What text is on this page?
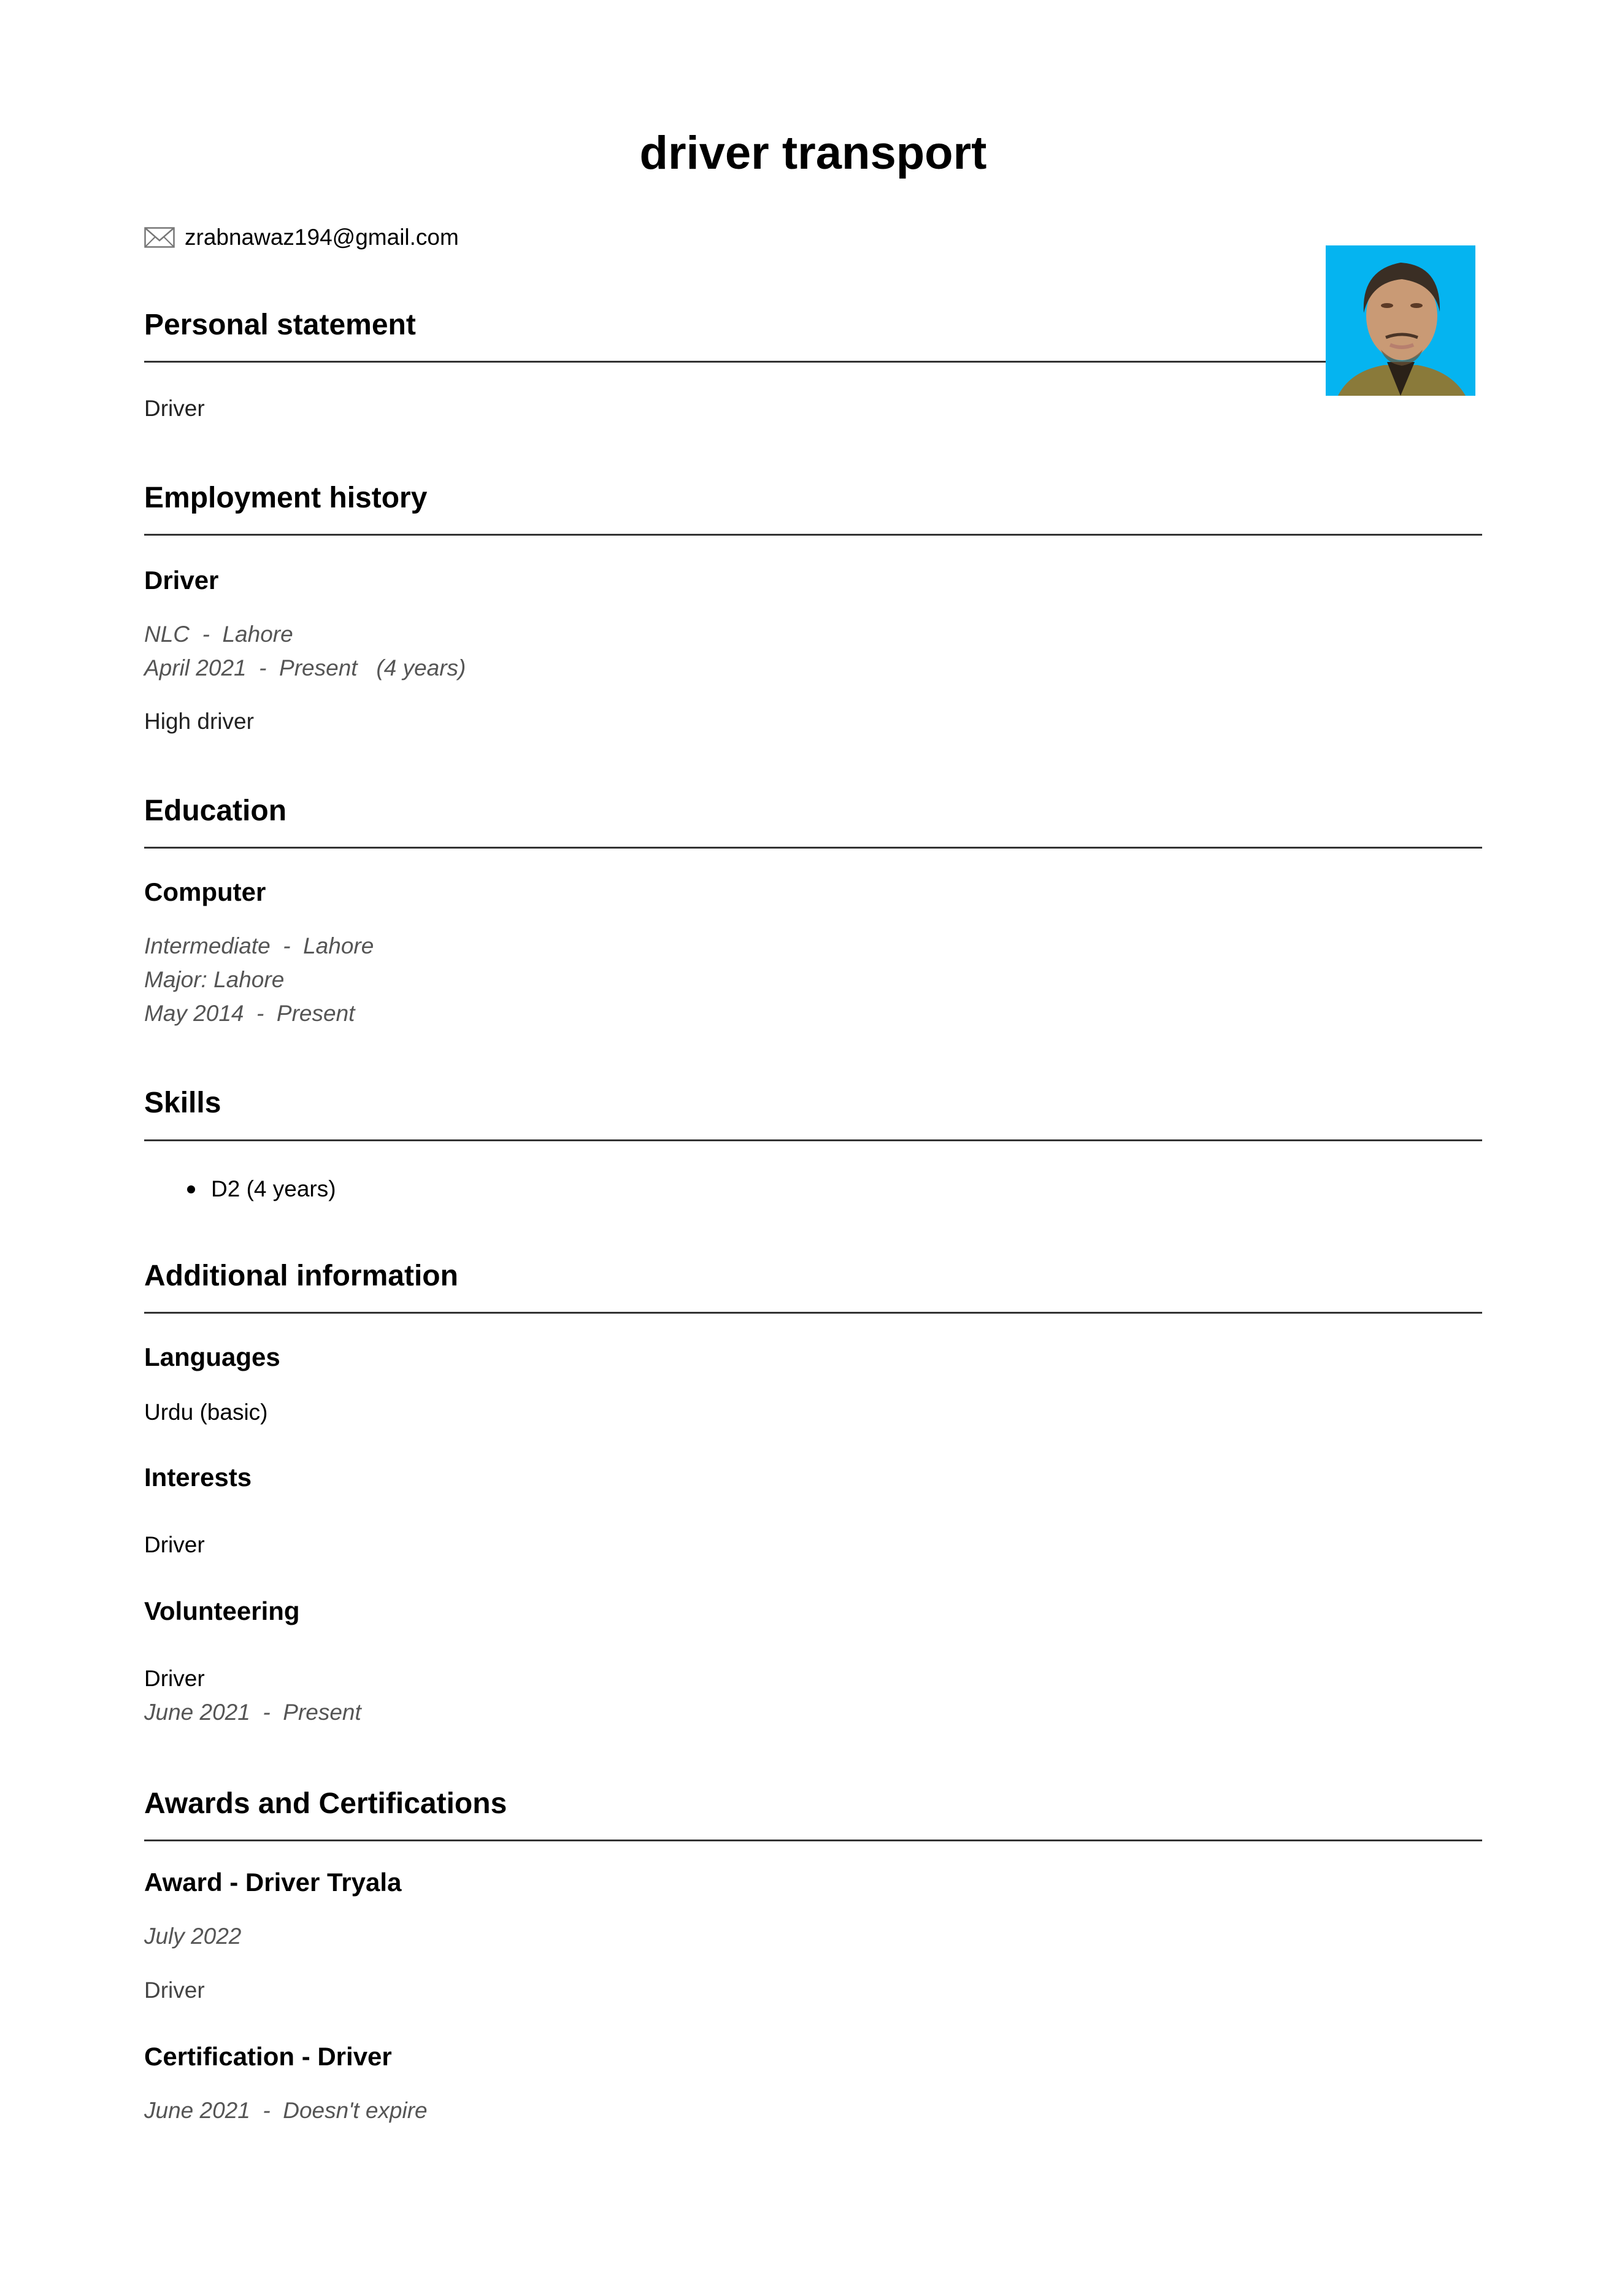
driver transport
zrabnawaz194@gmail.com
Personal statement
Driver
Employment history
Driver
NLC  -  Lahore
April 2021  -  Present   (4 years)
High driver
Education
Computer
Intermediate  -  Lahore
Major: Lahore
May 2014  -  Present
Skills
D2 (4 years)
Additional information
Languages
Urdu (basic)
Interests
Driver
Volunteering
Driver
June 2021  -  Present
Awards and Certifications
Award - Driver Tryala
July 2022
Driver
Certification - Driver
June 2021  -  Doesn't expire
